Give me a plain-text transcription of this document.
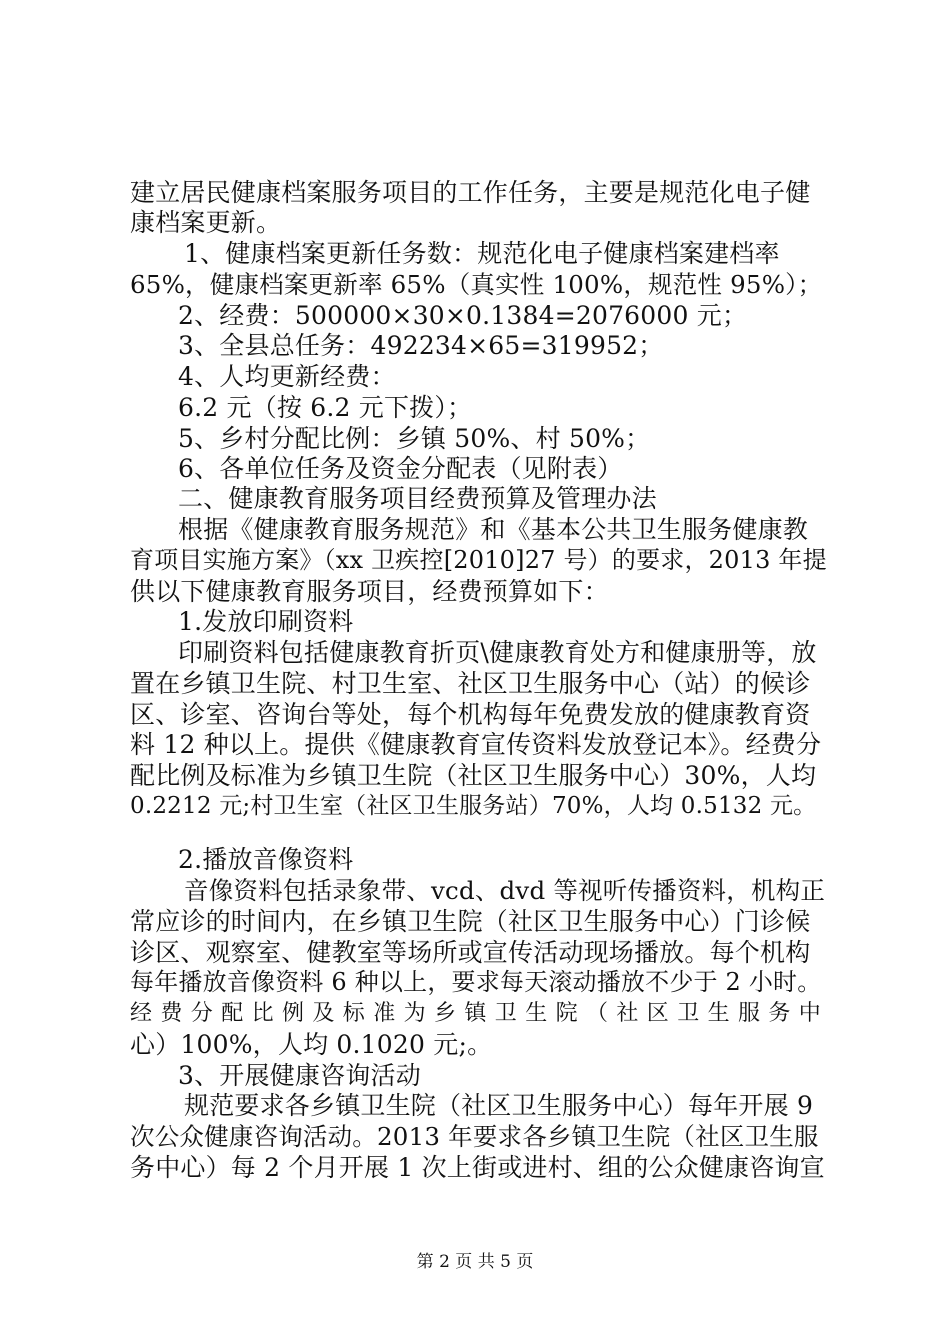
建立居民健康档案服务项目的工作任务，主要是规范化电子健
康档案更新。
1、健康档案更新任务数：规范化电子健康档案建档率
65%，健康档案更新率 65%（真实性 100%，规范性 95%）；
2、经费：500000×30×0.1384=2076000 元；
3、全县总任务：492234×65=319952；
4、人均更新经费：
6.2 元（按 6.2 元下拨）；
5、乡村分配比例：乡镇 50%、村 50%；
6、各单位任务及资金分配表（见附表）
二、健康教育服务项目经费预算及管理办法
根据《健康教育服务规范》和《基本公共卫生服务健康教
育项目实施方案》（xx 卫疾控[2010]27 号）的要求，2013 年提
供以下健康教育服务项目，经费预算如下：
1.发放印刷资料
印刷资料包括健康教育折页\健康教育处方和健康册等，放
置在乡镇卫生院、村卫生室、社区卫生服务中心（站）的候诊
区、诊室、咨询台等处，每个机构每年免费发放的健康教育资
料 12 种以上。提供《健康教育宣传资料发放登记本》。经费分
配比例及标准为乡镇卫生院（社区卫生服务中心）30%，人均
0.2212 元;村卫生室（社区卫生服务站）70%，人均 0.5132 元。
2.播放音像资料
音像资料包括录象带、vcd、dvd 等视听传播资料，机构正
常应诊的时间内，在乡镇卫生院（社区卫生服务中心）门诊候
诊区、观察室、健教室等场所或宣传活动现场播放。每个机构
每年播放音像资料 6 种以上，要求每天滚动播放不少于 2 小时。
经费分配比例及标准为乡镇卫生院（社区卫生服务中
心）100%，人均 0.1020 元;。
3、开展健康咨询活动
规范要求各乡镇卫生院（社区卫生服务中心）每年开展 9
次公众健康咨询活动。2013 年要求各乡镇卫生院（社区卫生服
务中心）每 2 个月开展 1 次上街或进村、组的公众健康咨询宣
第 2 页 共 5 页
